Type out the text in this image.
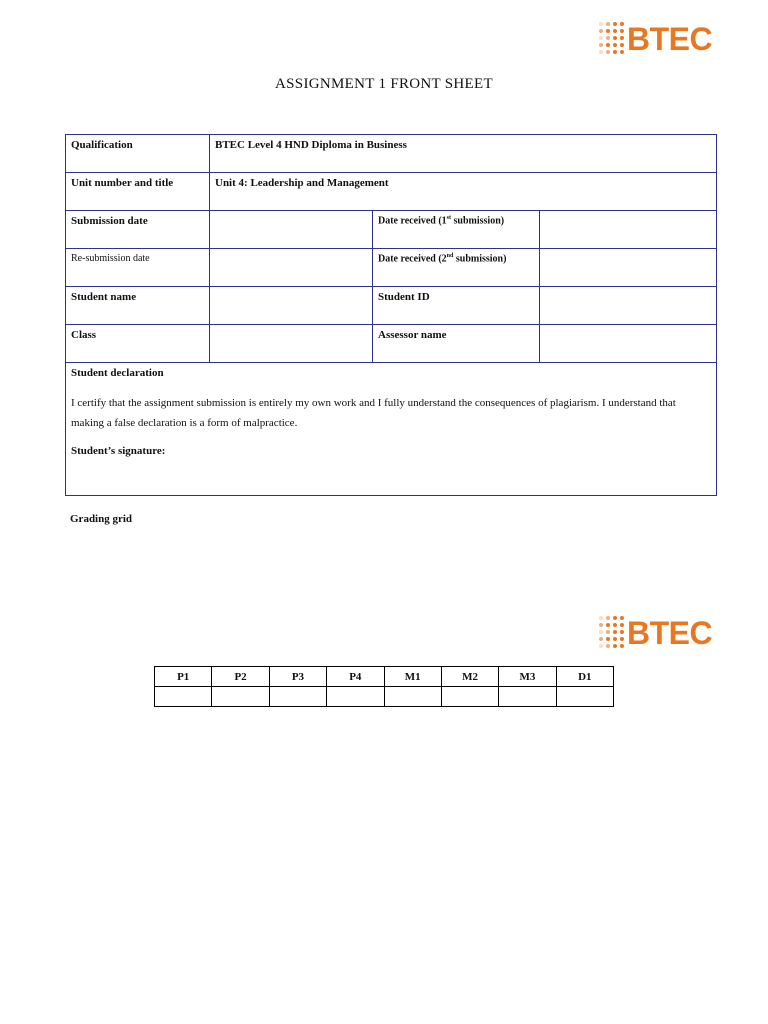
BTEC
ASSIGNMENT 1 FRONT SHEET
Qualification	BTEC Level 4 HND Diploma in Business		
Unit number and title	Unit 4: Leadership and Management		
Submission date		Date received (1st submission)	
Re-submission date		Date received (2nd submission)	
Student name		Student ID	
Class		Assessor name	

Student declaration

I certify that the assignment submission is entirely my own work and I fully understand the consequences of plagiarism. I understand that making a false declaration is a form of malpractice.

Student’s signature:			

Grading grid
BTEC
P1	P2	P3	P4	M1	M2	M3	D1
